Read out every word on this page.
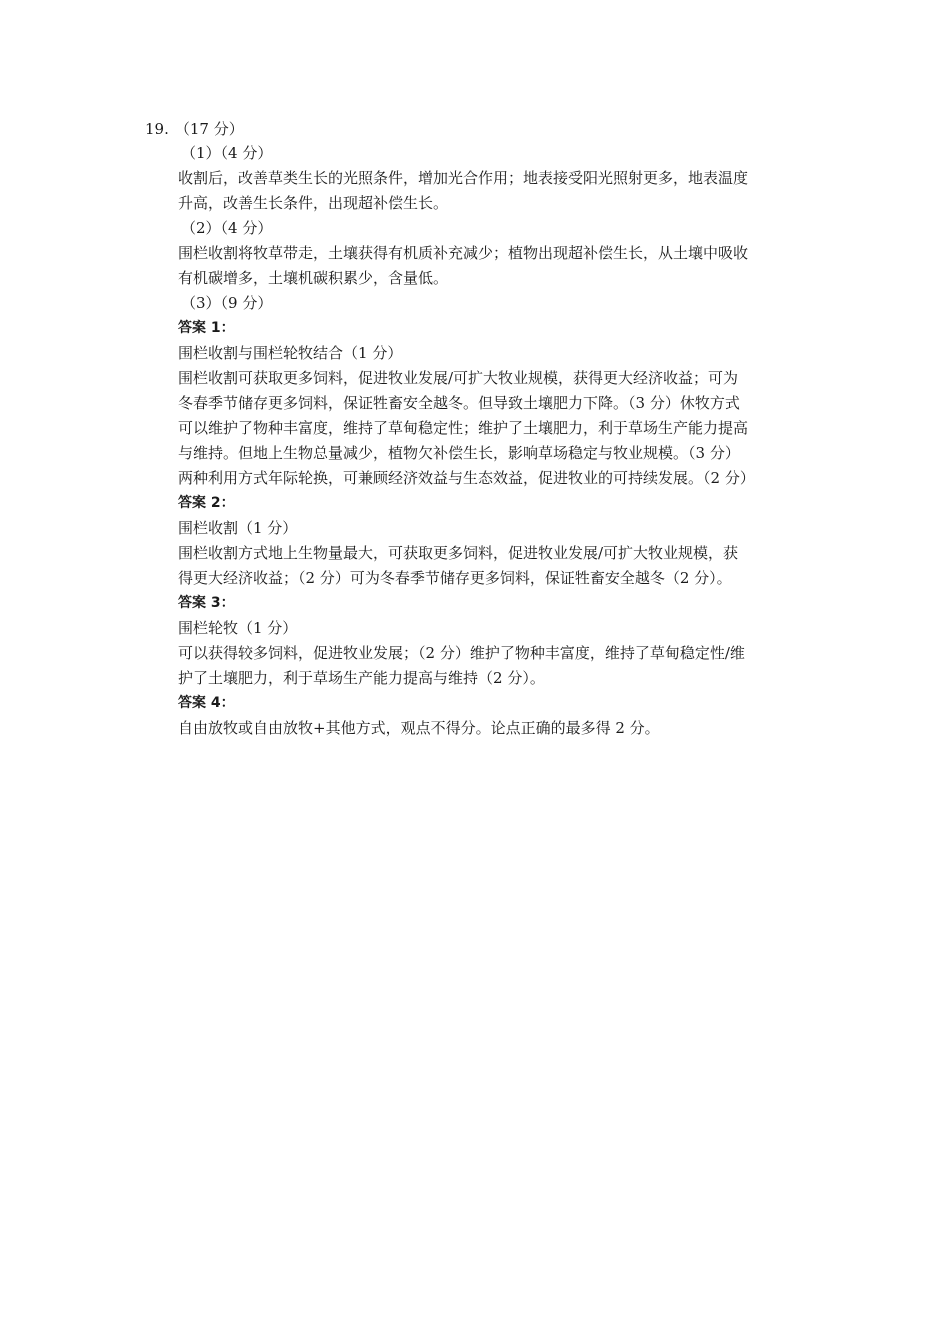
19. （17 分）
（1）（4 分）
收割后，改善草类生长的光照条件，增加光合作用；地表接受阳光照射更多，地表温度
升高，改善生长条件，出现超补偿生长。
（2）（4 分）
围栏收割将牧草带走，土壤获得有机质补充减少；植物出现超补偿生长，从土壤中吸收
有机碳增多，土壤机碳积累少，含量低。
（3）（9 分）
答案 1：
围栏收割与围栏轮牧结合（1 分）
围栏收割可获取更多饲料，促进牧业发展/可扩大牧业规模，获得更大经济收益；可为
冬春季节储存更多饲料，保证牲畜安全越冬。但导致土壤肥力下降。（3 分）休牧方式
可以维护了物种丰富度，维持了草甸稳定性；维护了土壤肥力，利于草场生产能力提高
与维持。但地上生物总量减少，植物欠补偿生长，影响草场稳定与牧业规模。（3 分）
两种利用方式年际轮换，可兼顾经济效益与生态效益，促进牧业的可持续发展。（2 分）
答案 2：
围栏收割（1 分）
围栏收割方式地上生物量最大，可获取更多饲料，促进牧业发展/可扩大牧业规模，获
得更大经济收益；（2 分）可为冬春季节储存更多饲料，保证牲畜安全越冬（2 分）。
答案 3：
围栏轮牧（1 分）
可以获得较多饲料，促进牧业发展；（2 分）维护了物种丰富度，维持了草甸稳定性/维
护了土壤肥力，利于草场生产能力提高与维持（2 分）。
答案 4：
自由放牧或自由放牧+其他方式，观点不得分。论点正确的最多得 2 分。
